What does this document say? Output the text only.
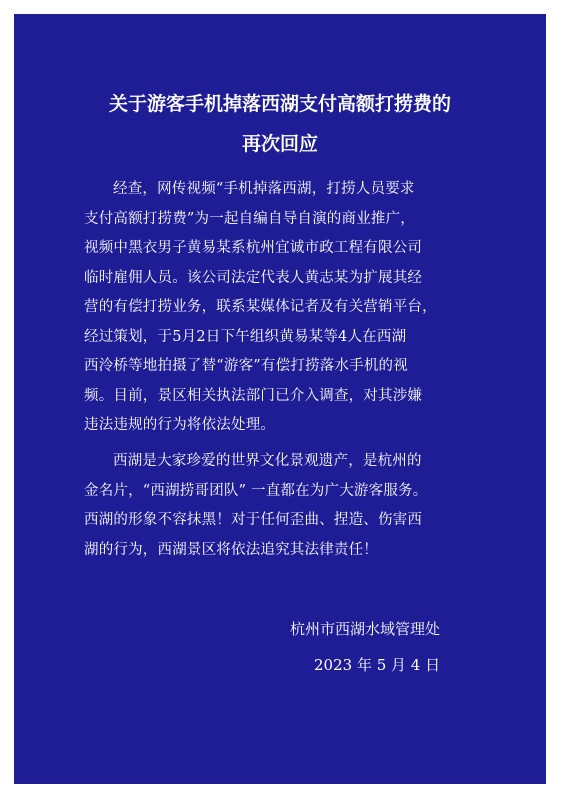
关于游客手机掉落西湖支付高额打捞费的
再次回应
经查，网传视频“手机掉落西湖，打捞人员要求
支付高额打捞费”为一起自编自导自演的商业推广，
视频中黑衣男子黄易某系杭州宜诚市政工程有限公司
临时雇佣人员。该公司法定代表人黄志某为扩展其经
营的有偿打捞业务，联系某媒体记者及有关营销平台，
经过策划，于5月2日下午组织黄易某等4人在西湖
西泠桥等地拍摄了替“游客”有偿打捞落水手机的视
频。目前，景区相关执法部门已介入调查，对其涉嫌
违法违规的行为将依法处理。
西湖是大家珍爱的世界文化景观遗产，是杭州的
金名片，“西湖捞哥团队” 一直都在为广大游客服务。
西湖的形象不容抹黑！对于任何歪曲、捏造、伤害西
湖的行为，西湖景区将依法追究其法律责任！
杭州市西湖水域管理处
2023 年 5 月 4 日
